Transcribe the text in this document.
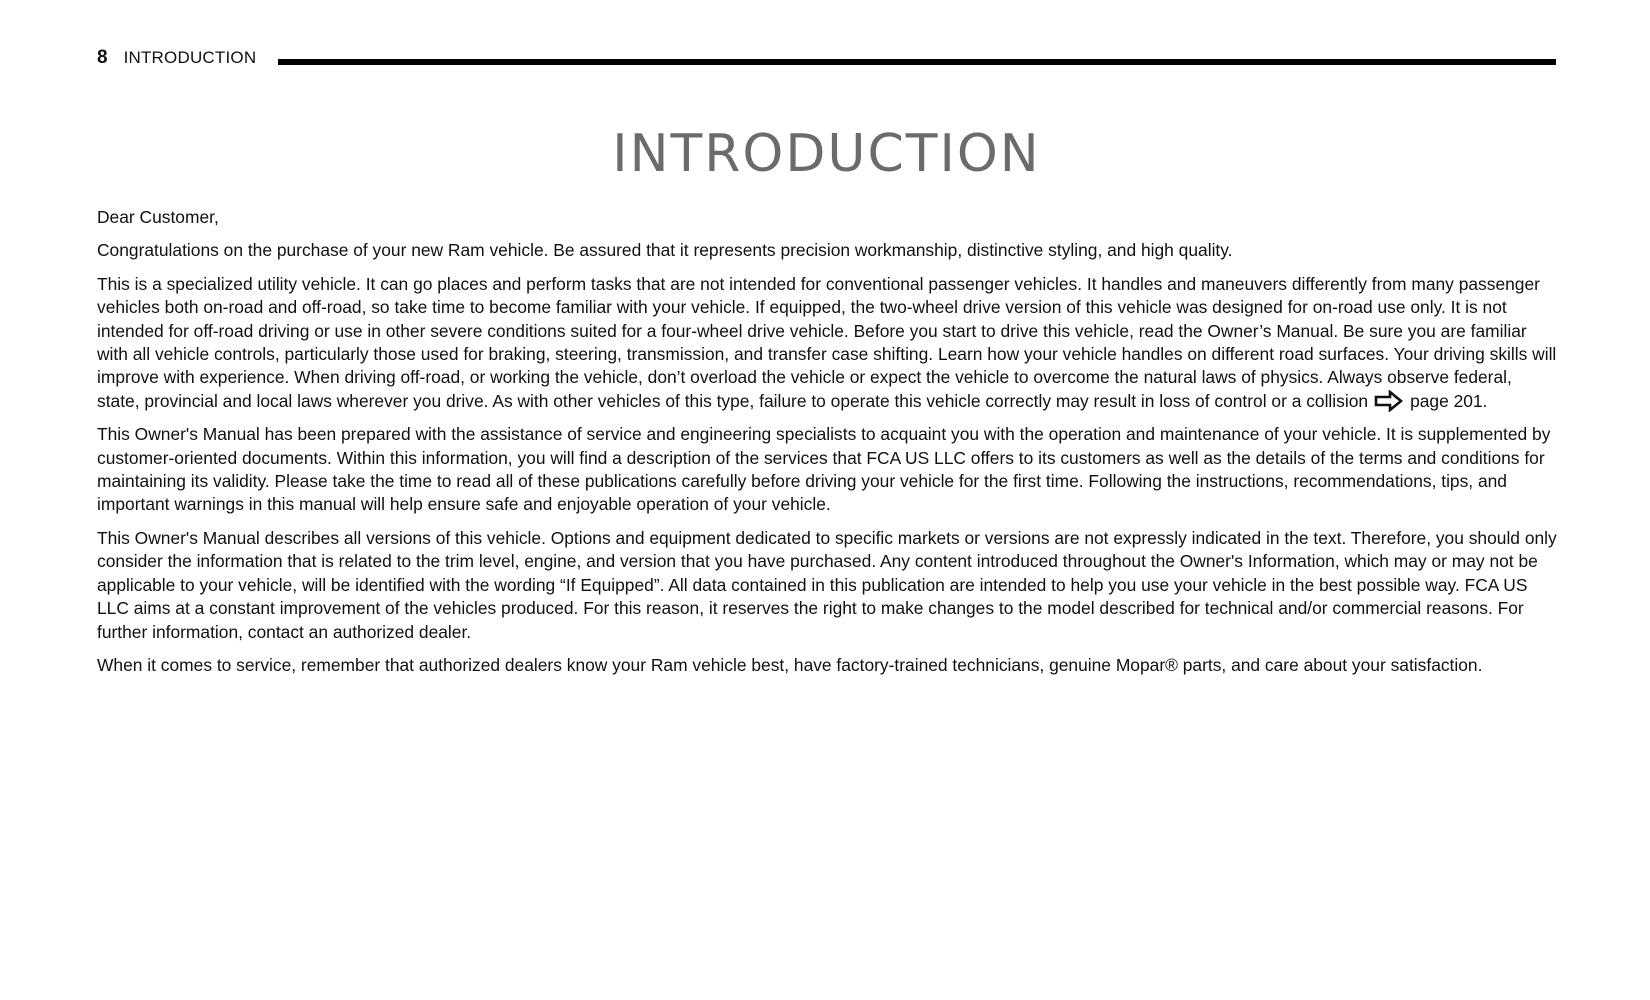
8 INTRODUCTION
INTRODUCTION

Dear Customer,

Congratulations on the purchase of your new Ram vehicle. Be assured that it represents precision workmanship, distinctive styling, and high quality.

This is a specialized utility vehicle. It can go places and perform tasks that are not intended for conventional passenger vehicles. It handles and maneuvers differently from many passenger vehicles both on-road and off-road, so take time to become familiar with your vehicle. If equipped, the two-wheel drive version of this vehicle was designed for on-road use only. It is not intended for off-road driving or use in other severe conditions suited for a four-wheel drive vehicle. Before you start to drive this vehicle, read the Owner’s Manual. Be sure you are familiar with all vehicle controls, particularly those used for braking, steering, transmission, and transfer case shifting. Learn how your vehicle handles on different road surfaces. Your driving skills will improve with experience. When driving off-road, or working the vehicle, don’t overload the vehicle or expect the vehicle to overcome the natural laws of physics. Always observe federal, state, provincial and local laws wherever you drive. As with other vehicles of this type, failure to operate this vehicle correctly may result in loss of control or a collision page 201.

This Owner's Manual has been prepared with the assistance of service and engineering specialists to acquaint you with the operation and maintenance of your vehicle. It is supplemented by customer-oriented documents. Within this information, you will find a description of the services that FCA US LLC offers to its customers as well as the details of the terms and conditions for maintaining its validity. Please take the time to read all of these publications carefully before driving your vehicle for the first time. Following the instructions, recommendations, tips, and important warnings in this manual will help ensure safe and enjoyable operation of your vehicle.

This Owner's Manual describes all versions of this vehicle. Options and equipment dedicated to specific markets or versions are not expressly indicated in the text. Therefore, you should only consider the information that is related to the trim level, engine, and version that you have purchased. Any content introduced throughout the Owner's Information, which may or may not be applicable to your vehicle, will be identified with the wording “If Equipped”. All data contained in this publication are intended to help you use your vehicle in the best possible way. FCA US LLC aims at a constant improvement of the vehicles produced. For this reason, it reserves the right to make changes to the model described for technical and/or commercial reasons. For further information, contact an authorized dealer.

When it comes to service, remember that authorized dealers know your Ram vehicle best, have factory-trained technicians, genuine Mopar® parts, and care about your satisfaction.
